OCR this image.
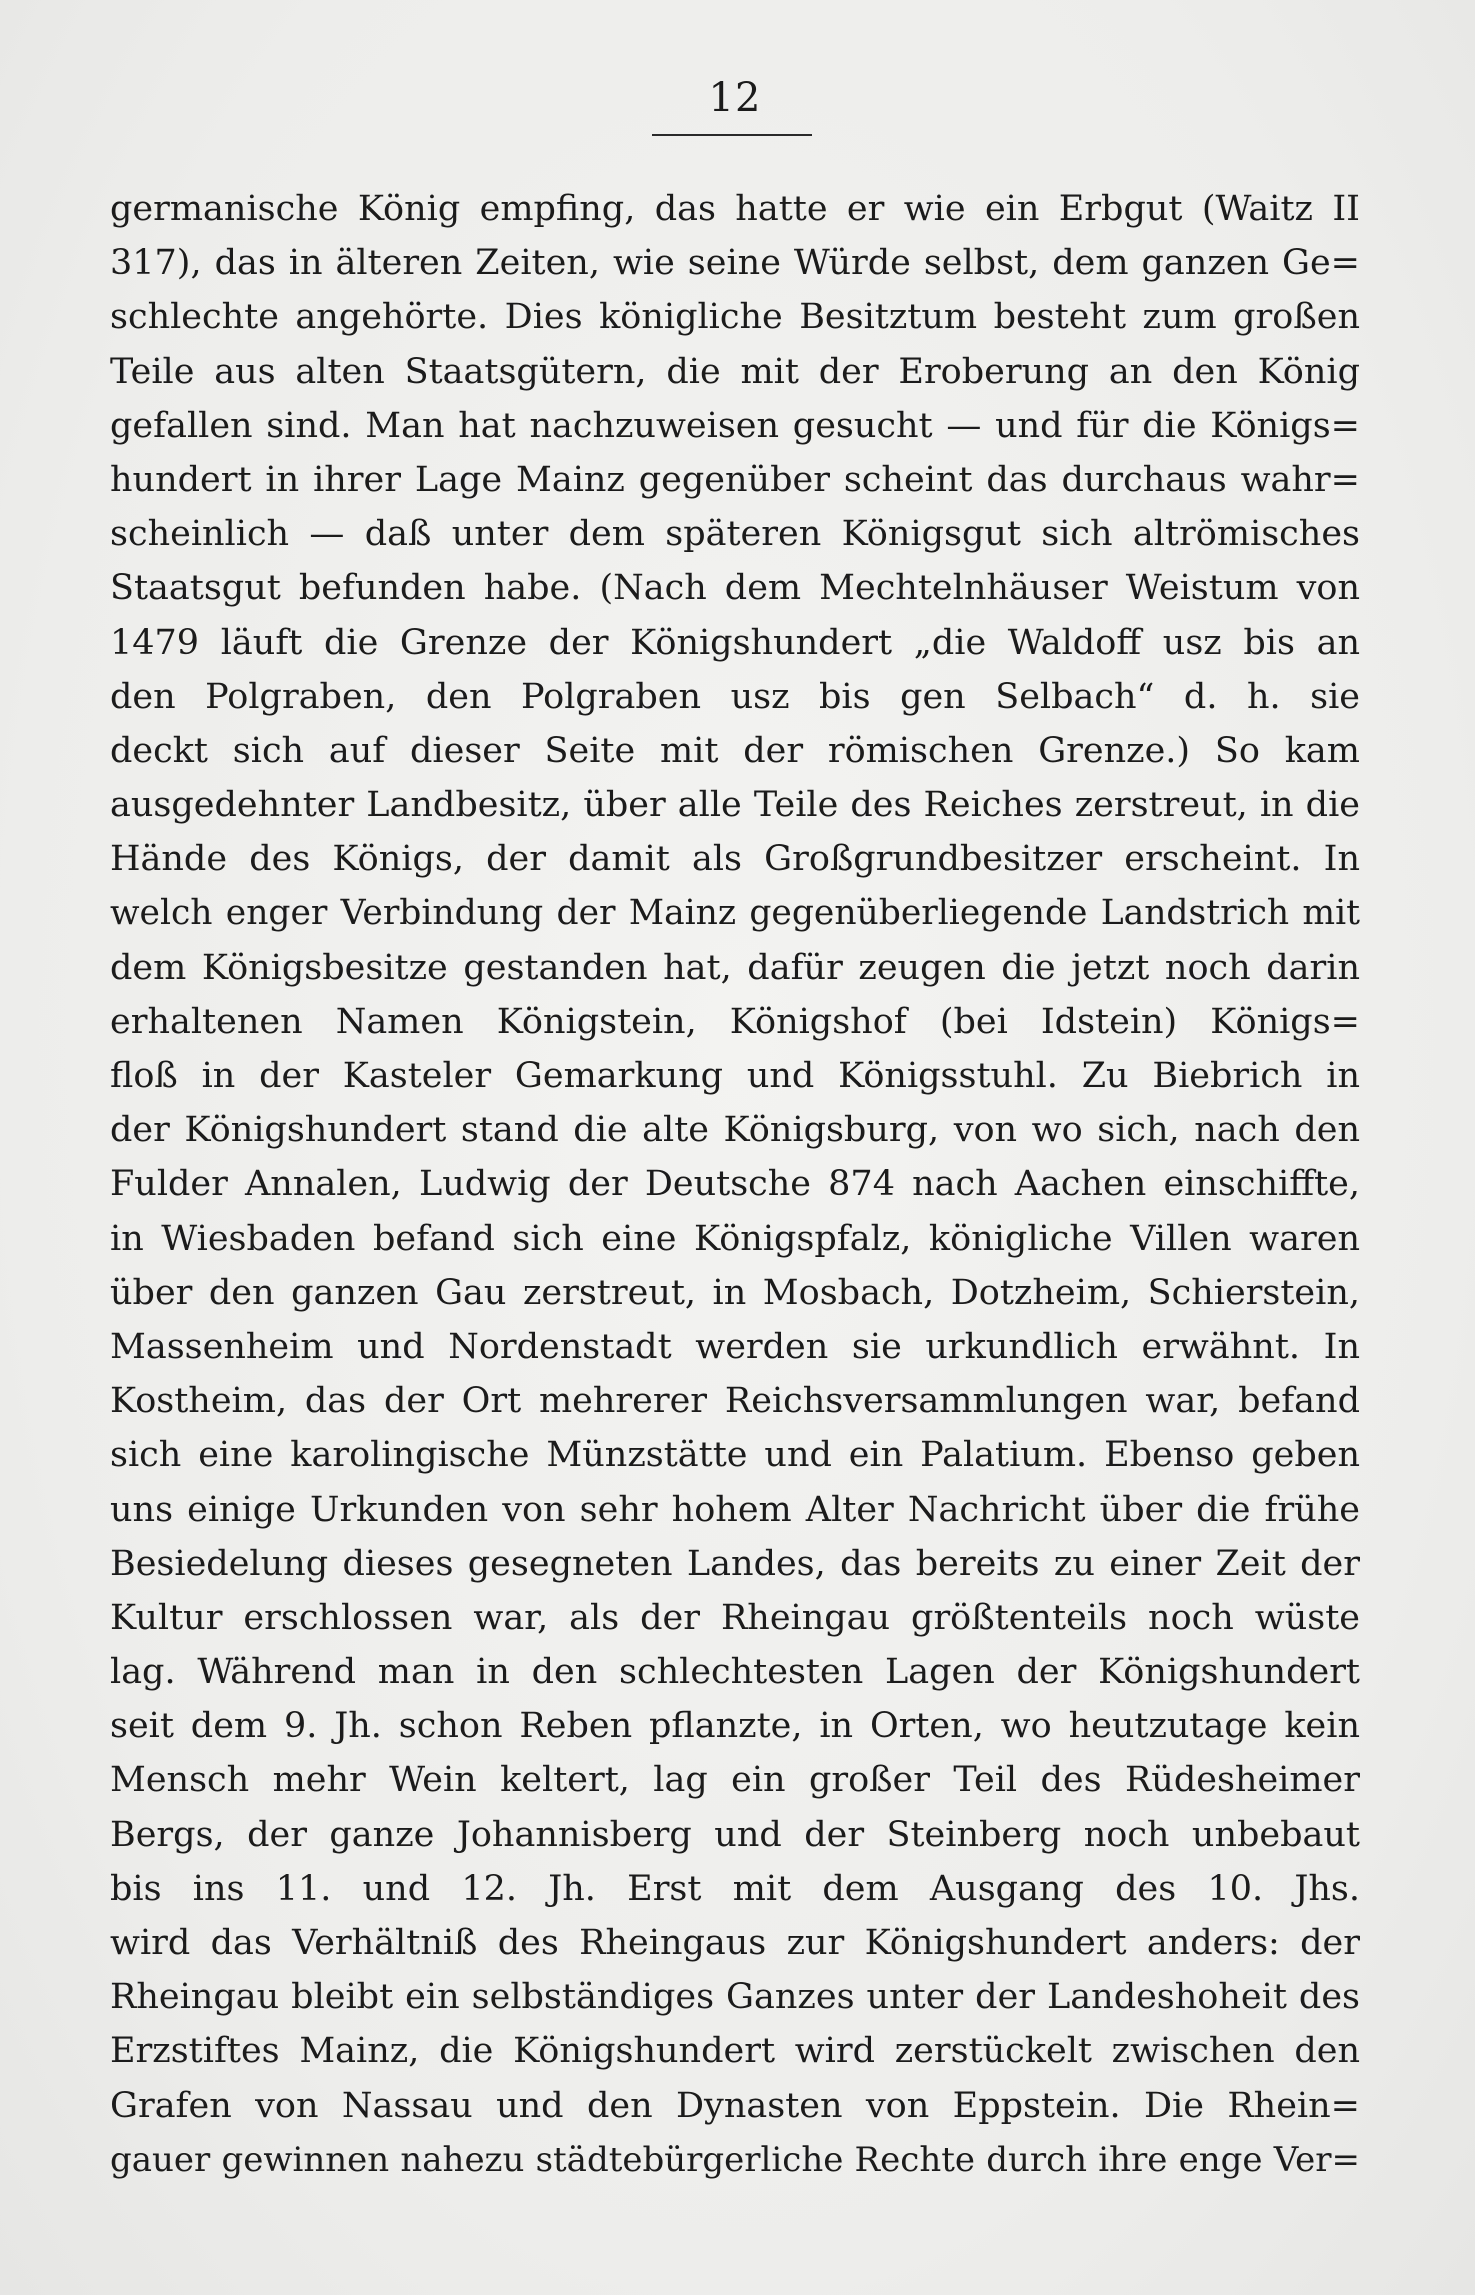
12
germanische König empfing, das hatte er wie ein Erbgut (Waitz II
317), das in älteren Zeiten, wie seine Würde selbst, dem ganzen Ge=
schlechte angehörte. Dies königliche Besitztum besteht zum großen
Teile aus alten Staatsgütern, die mit der Eroberung an den König
gefallen sind. Man hat nachzuweisen gesucht — und für die Königs=
hundert in ihrer Lage Mainz gegenüber scheint das durchaus wahr=
scheinlich — daß unter dem späteren Königsgut sich altrömisches
Staatsgut befunden habe. (Nach dem Mechtelnhäuser Weistum von
1479 läuft die Grenze der Königshundert „die Waldoff usz bis an
den Polgraben, den Polgraben usz bis gen Selbach“ d. h. sie
deckt sich auf dieser Seite mit der römischen Grenze.) So kam
ausgedehnter Landbesitz, über alle Teile des Reiches zerstreut, in die
Hände des Königs, der damit als Großgrundbesitzer erscheint. In
welch enger Verbindung der Mainz gegenüberliegende Landstrich mit
dem Königsbesitze gestanden hat, dafür zeugen die jetzt noch darin
erhaltenen Namen Königstein, Königshof (bei Idstein) Königs=
floß in der Kasteler Gemarkung und Königsstuhl. Zu Biebrich in
der Königshundert stand die alte Königsburg, von wo sich, nach den
Fulder Annalen, Ludwig der Deutsche 874 nach Aachen einschiffte,
in Wiesbaden befand sich eine Königspfalz, königliche Villen waren
über den ganzen Gau zerstreut, in Mosbach, Dotzheim, Schierstein,
Massenheim und Nordenstadt werden sie urkundlich erwähnt. In
Kostheim, das der Ort mehrerer Reichsversammlungen war, befand
sich eine karolingische Münzstätte und ein Palatium. Ebenso geben
uns einige Urkunden von sehr hohem Alter Nachricht über die frühe
Besiedelung dieses gesegneten Landes, das bereits zu einer Zeit der
Kultur erschlossen war, als der Rheingau größtenteils noch wüste
lag. Während man in den schlechtesten Lagen der Königshundert
seit dem 9. Jh. schon Reben pflanzte, in Orten, wo heutzutage kein
Mensch mehr Wein keltert, lag ein großer Teil des Rüdesheimer
Bergs, der ganze Johannisberg und der Steinberg noch unbebaut
bis ins 11. und 12. Jh. Erst mit dem Ausgang des 10. Jhs.
wird das Verhältniß des Rheingaus zur Königshundert anders: der
Rheingau bleibt ein selbständiges Ganzes unter der Landeshoheit des
Erzstiftes Mainz, die Königshundert wird zerstückelt zwischen den
Grafen von Nassau und den Dynasten von Eppstein. Die Rhein=
gauer gewinnen nahezu städtebürgerliche Rechte durch ihre enge Ver=
